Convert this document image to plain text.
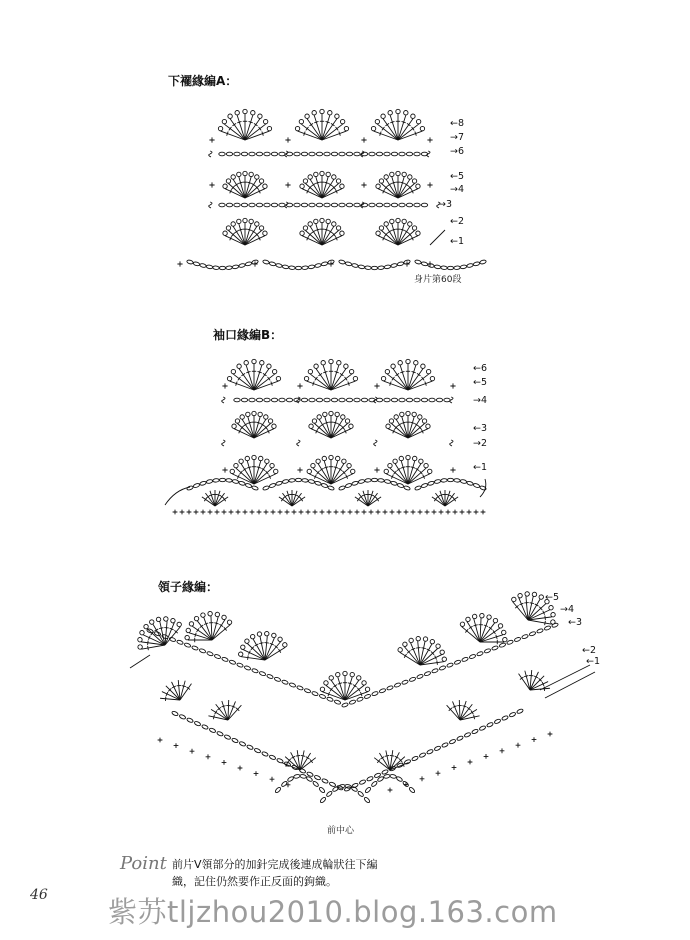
下襬緣編A：
←8
→7
→6
←5
→4
→3
←2
←1
身片第60段
袖口緣編B：
←6
←5
→4
←3
→2
←1
領子緣編：
←5
→4
←3
←2
←1
前中心
Point 前片V領部分的加針完成後連成輪狀往下編
織，記住仍然要作正反面的鉤織。
46 紫苏tljzhou2010.blog.163.com
